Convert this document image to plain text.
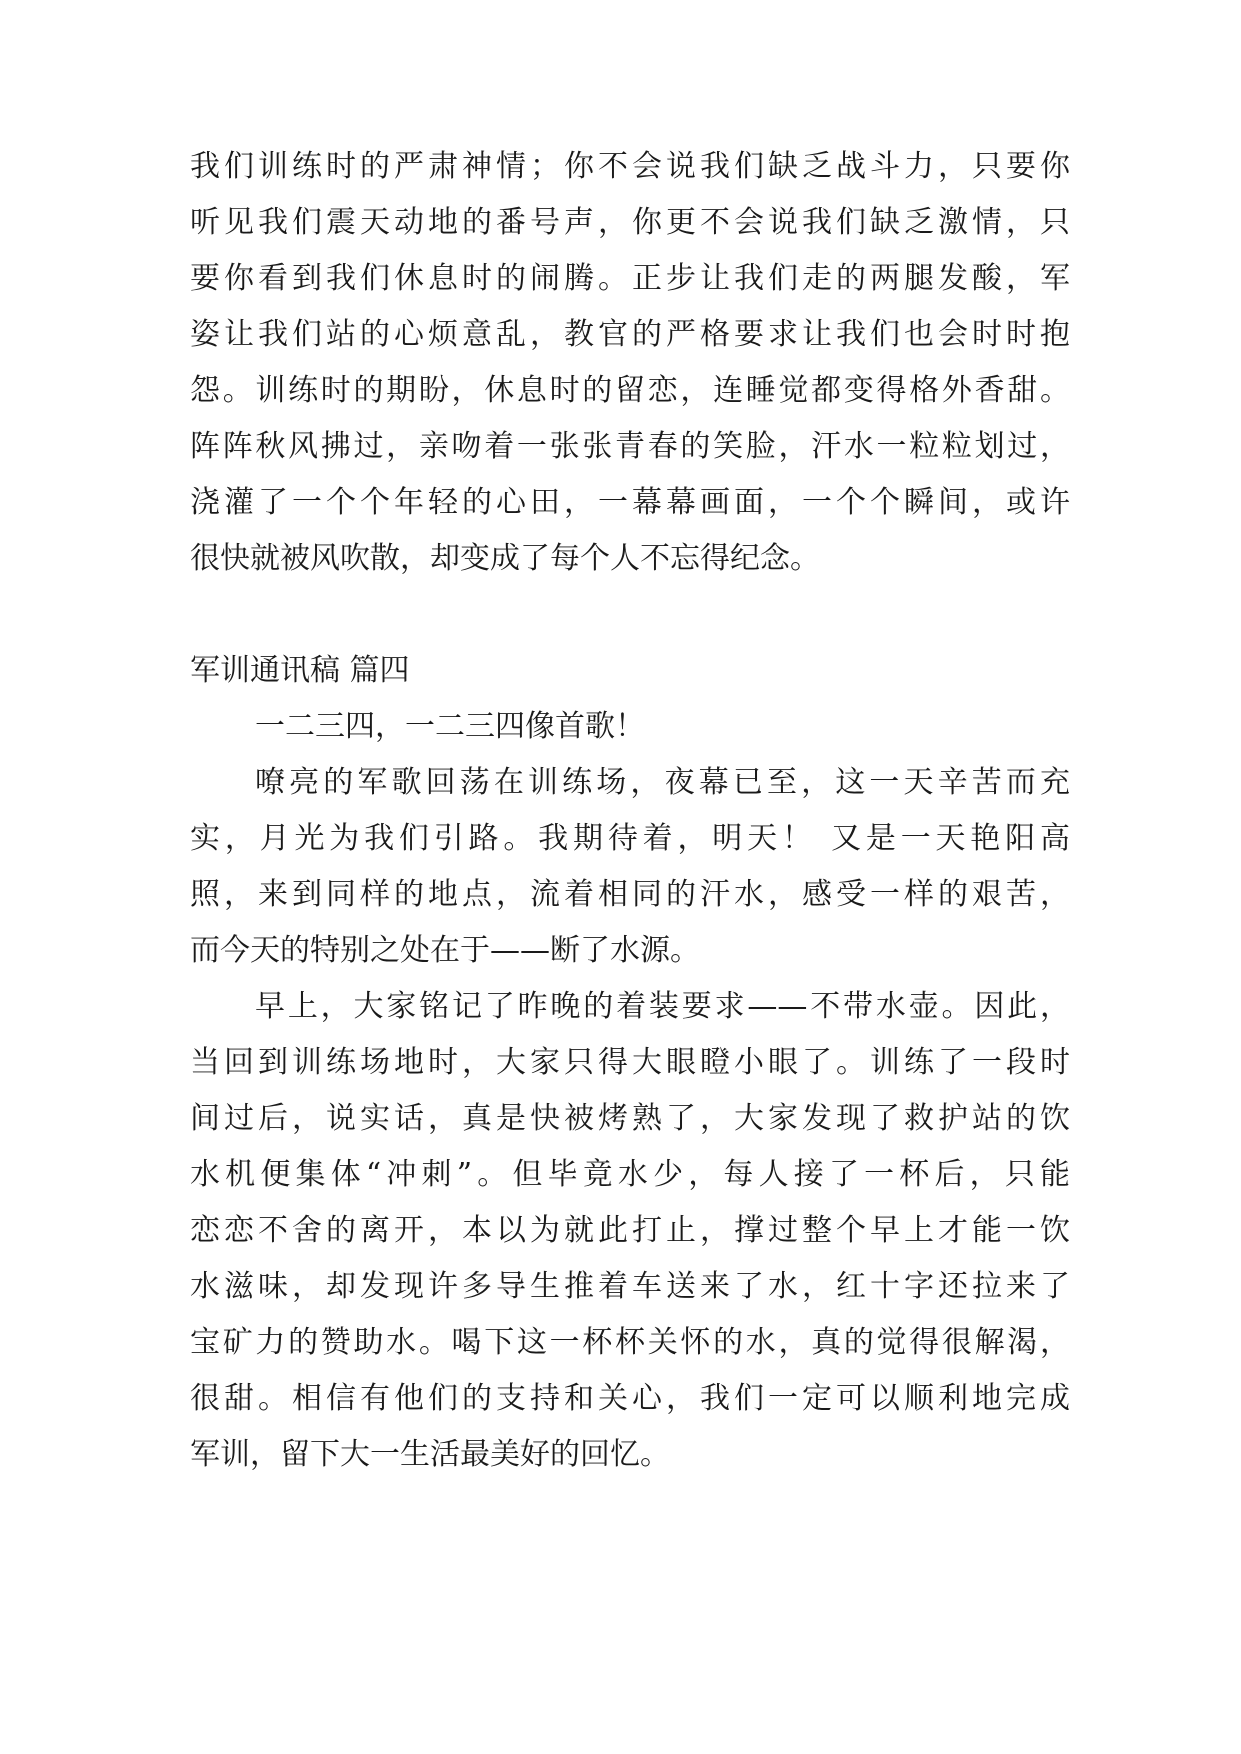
我们训练时的严肃神情；你不会说我们缺乏战斗力，只要你
听见我们震天动地的番号声，你更不会说我们缺乏激情，只
要你看到我们休息时的闹腾。正步让我们走的两腿发酸，军
姿让我们站的心烦意乱，教官的严格要求让我们也会时时抱
怨。训练时的期盼，休息时的留恋，连睡觉都变得格外香甜。
阵阵秋风拂过，亲吻着一张张青春的笑脸，汗水一粒粒划过，
浇灌了一个个年轻的心田，一幕幕画面，一个个瞬间，或许
很快就被风吹散，却变成了每个人不忘得纪念。
军训通讯稿 篇四
一二三四，一二三四像首歌！
嘹亮的军歌回荡在训练场，夜幕已至，这一天辛苦而充
实，月光为我们引路。我期待着，明天！ 又是一天艳阳高
照，来到同样的地点，流着相同的汗水，感受一样的艰苦，
而今天的特别之处在于——断了水源。
早上，大家铭记了昨晚的着装要求——不带水壶。因此，
当回到训练场地时，大家只得大眼瞪小眼了。训练了一段时
间过后，说实话，真是快被烤熟了，大家发现了救护站的饮
水机便集体“冲刺”。但毕竟水少，每人接了一杯后，只能
恋恋不舍的离开，本以为就此打止，撑过整个早上才能一饮
水滋味，却发现许多导生推着车送来了水，红十字还拉来了
宝矿力的赞助水。喝下这一杯杯关怀的水，真的觉得很解渴，
很甜。相信有他们的支持和关心，我们一定可以顺利地完成
军训，留下大一生活最美好的回忆。
